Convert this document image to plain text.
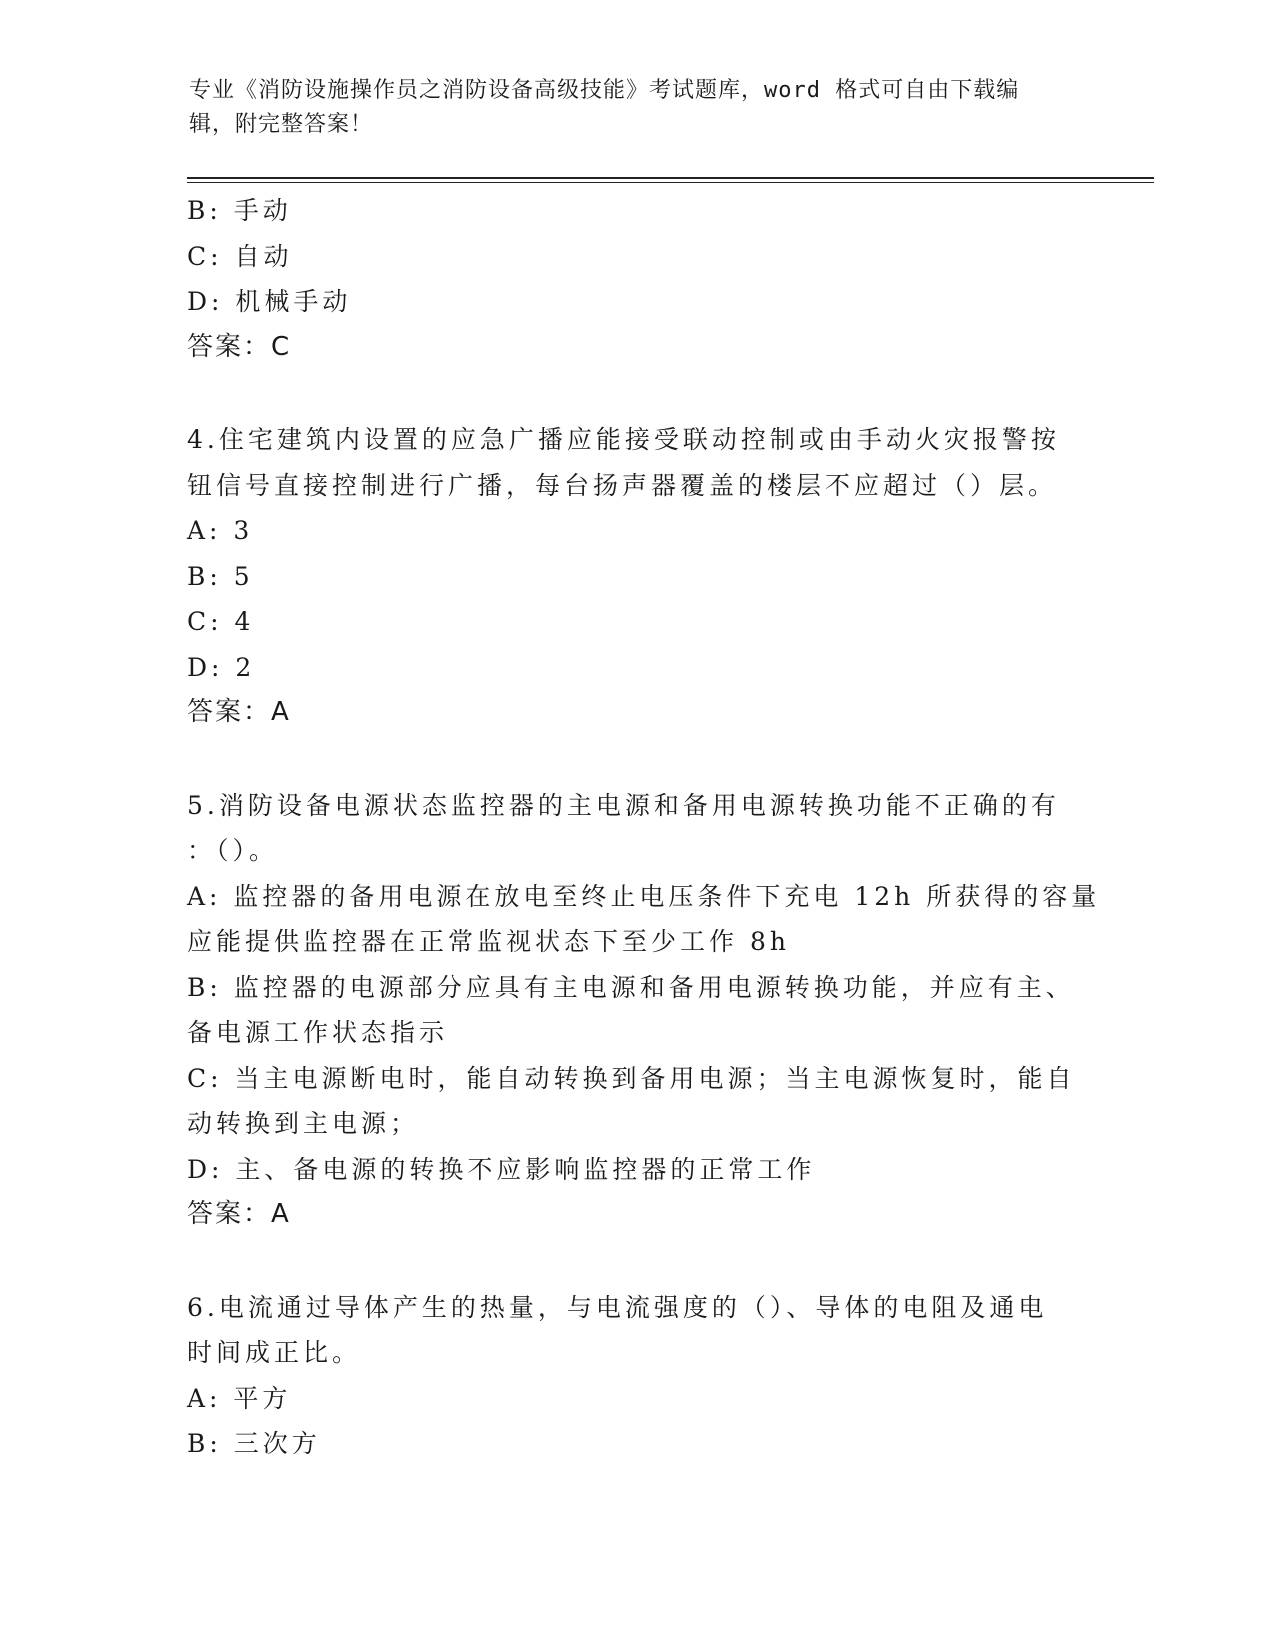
专业《消防设施操作员之消防设备高级技能》考试题库，word 格式可自由下载编
辑，附完整答案！
B: 手动
C: 自动
D: 机械手动
答案：C
4.住宅建筑内设置的应急广播应能接受联动控制或由手动火灾报警按
钮信号直接控制进行广播，每台扬声器覆盖的楼层不应超过（）层。
A: 3
B: 5
C: 4
D: 2
答案：A
5.消防设备电源状态监控器的主电源和备用电源转换功能不正确的有
：（）。
A: 监控器的备用电源在放电至终止电压条件下充电 12h 所获得的容量
应能提供监控器在正常监视状态下至少工作 8h
B: 监控器的电源部分应具有主电源和备用电源转换功能，并应有主、
备电源工作状态指示
C: 当主电源断电时，能自动转换到备用电源；当主电源恢复时，能自
动转换到主电源；
D: 主、备电源的转换不应影响监控器的正常工作
答案：A
6.电流通过导体产生的热量，与电流强度的（）、导体的电阻及通电
时间成正比。
A: 平方
B: 三次方
